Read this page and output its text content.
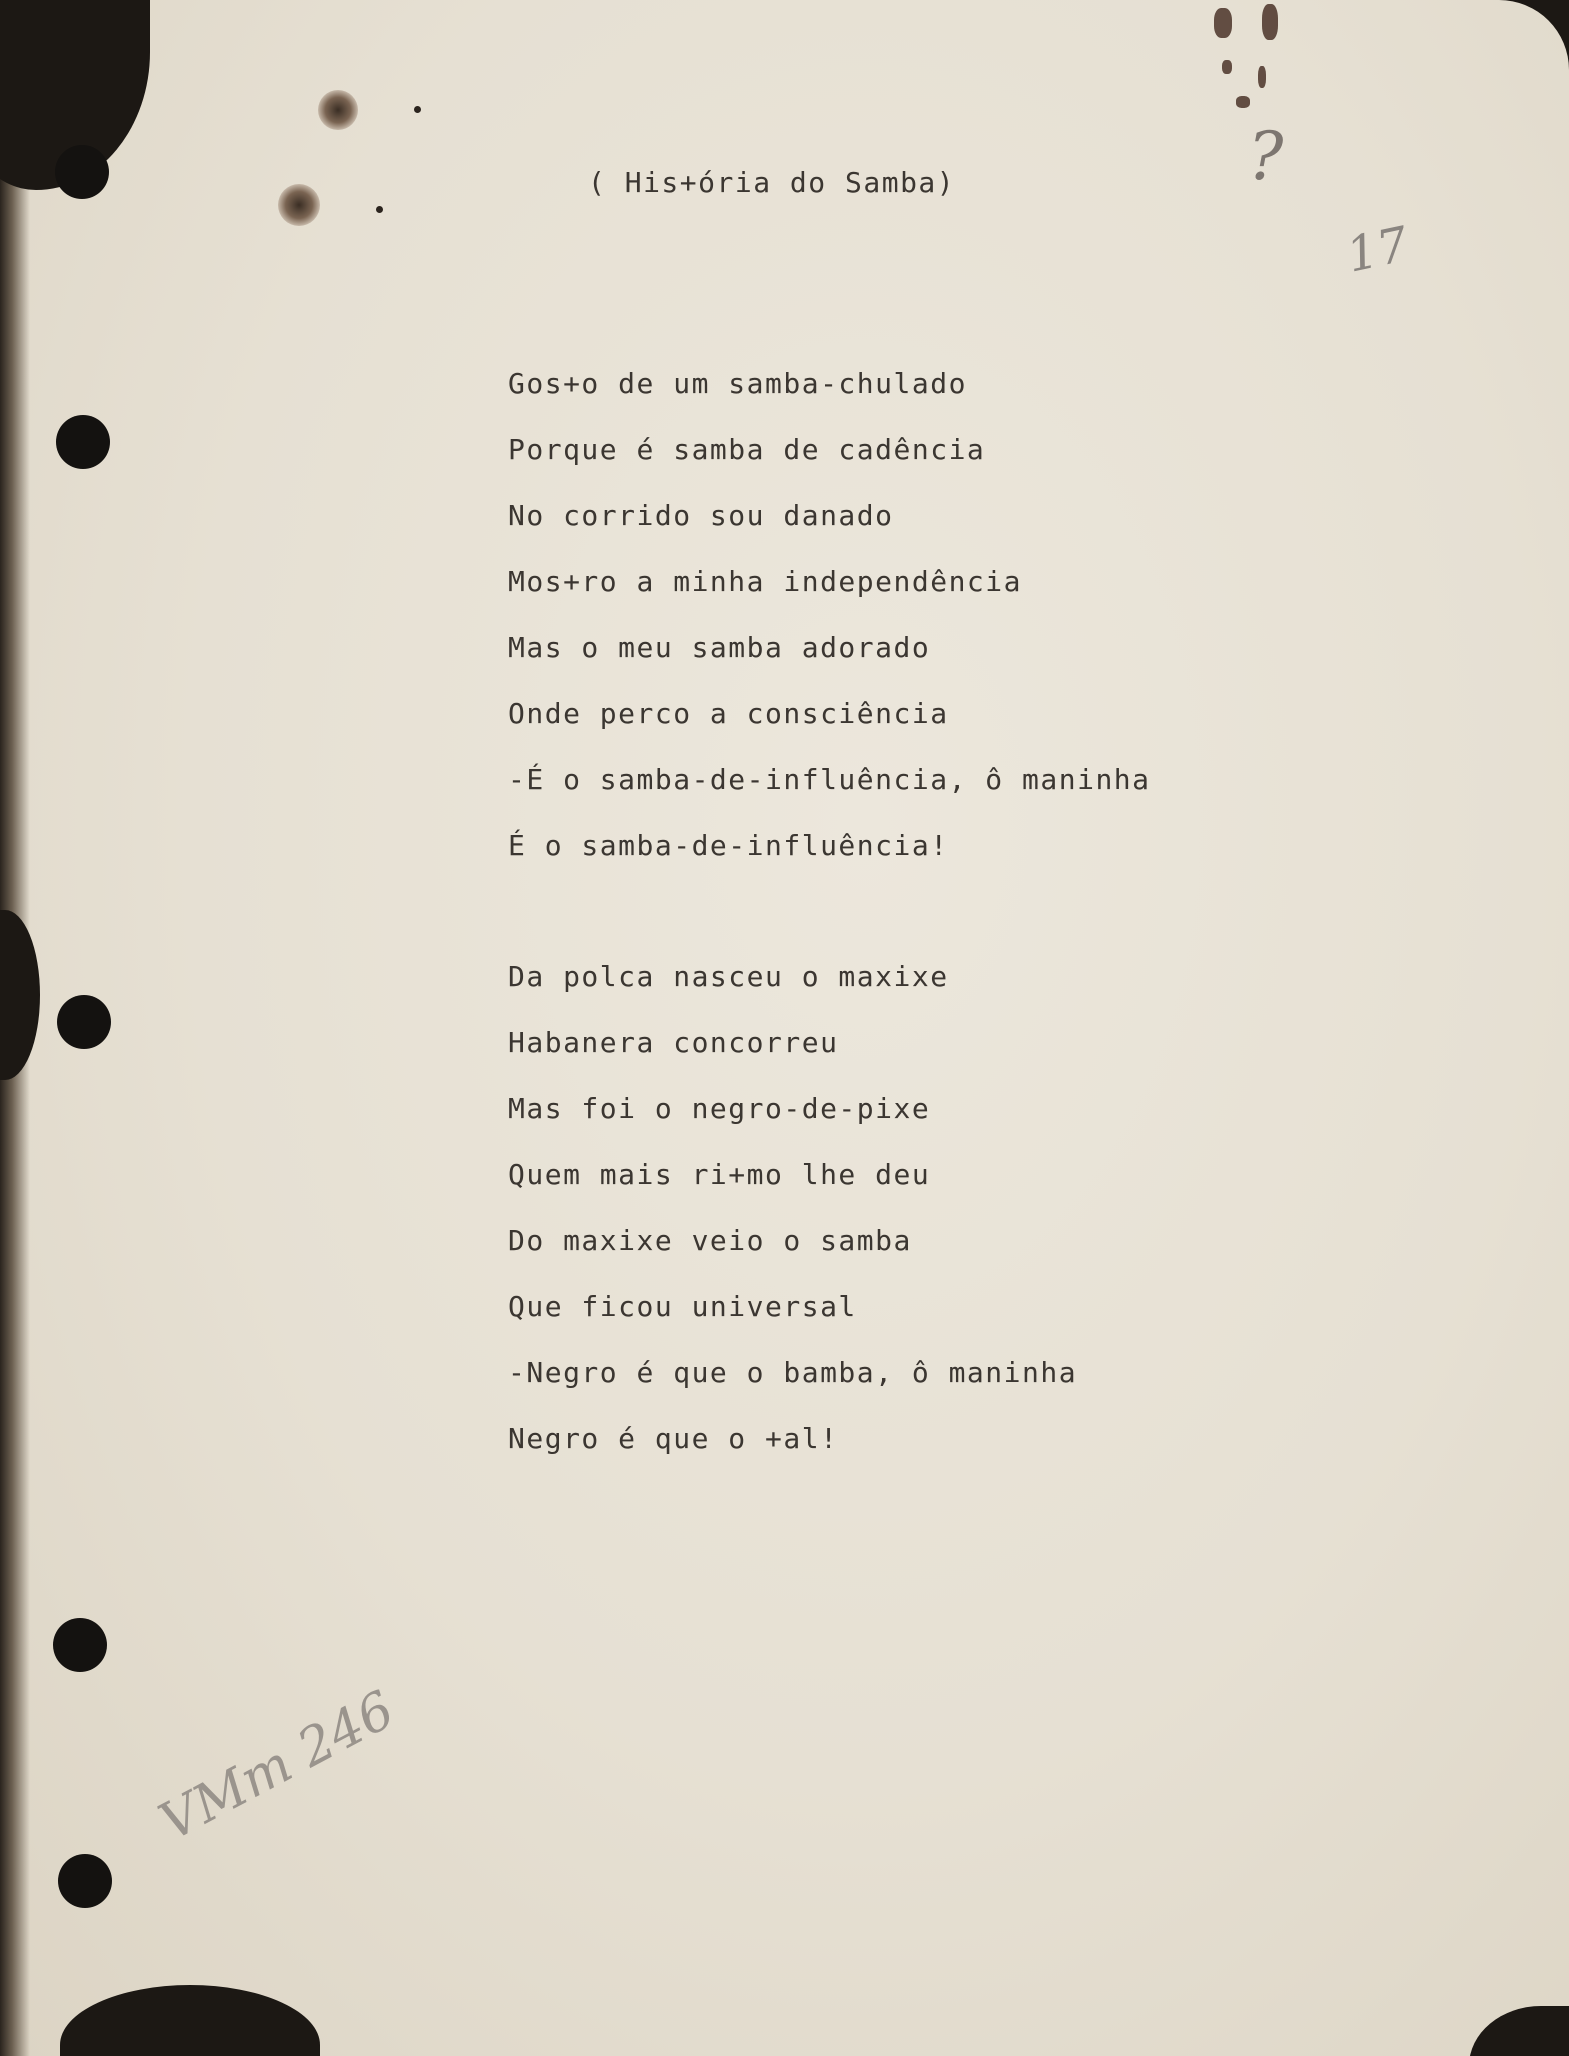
?
17
VMm 246
( His+ória do Samba)
Gos+o de um samba-chulado
Porque é samba de cadência
No corrido sou danado
Mos+ro a minha independência
Mas o meu samba adorado
Onde perco a consciência
-É o samba-de-influência, ô maninha
É o samba-de-influência!
Da polca nasceu o maxixe
Habanera concorreu
Mas foi o negro-de-pixe
Quem mais ri+mo lhe deu
Do maxixe veio o samba
Que ficou universal
-Negro é que o bamba, ô maninha
Negro é que o +al!
